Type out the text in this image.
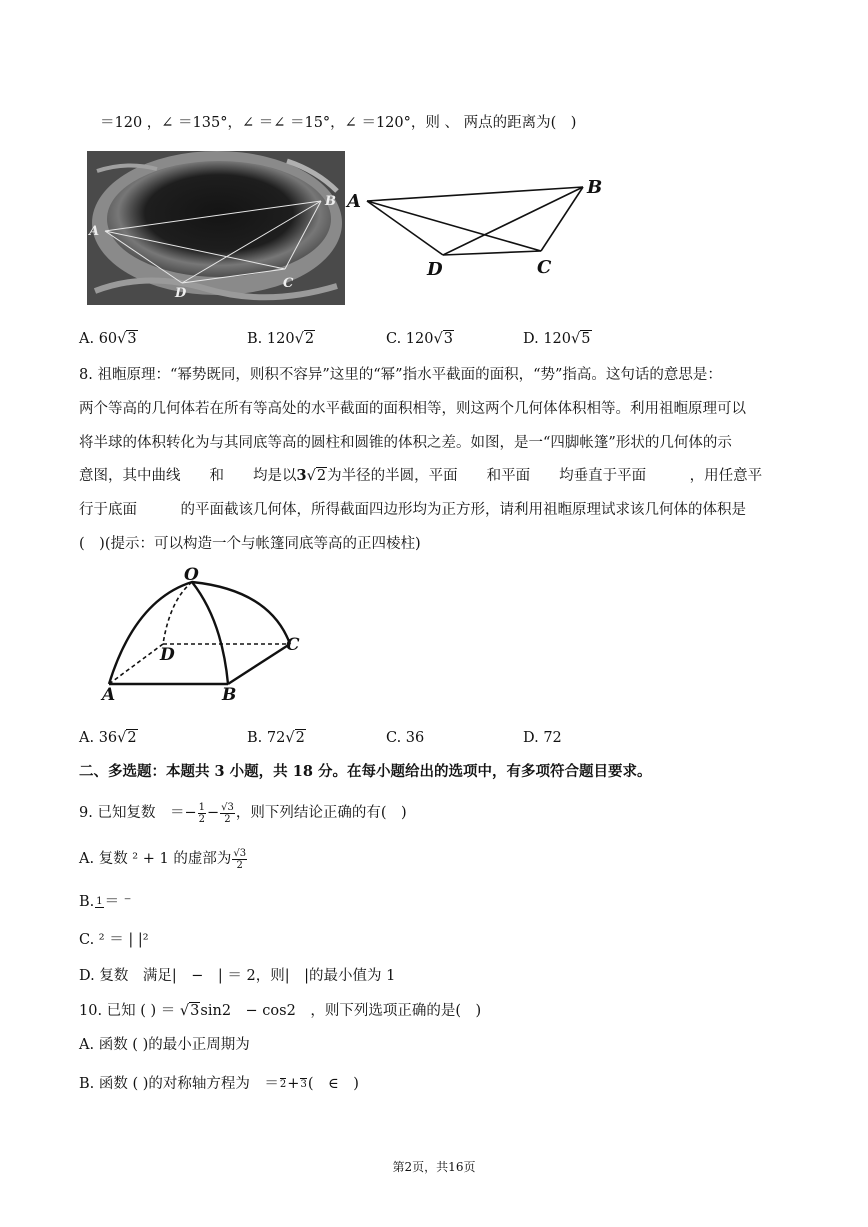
＝120 ，∠ ＝135°，∠ ＝∠ ＝15°，∠ ＝120°，则 、 两点的距离为(　)
A
B
D
C
A
B
D	C
A. 60√3	B. 120√2	C. 120√3	D. 120√5
8. 祖暅原理：“幂势既同，则积不容异”这里的“幂”指水平截面的面积，“势”指高。这句话的意思是：
两个等高的几何体若在所有等高处的水平截面的面积相等，则这两个几何体体积相等。利用祖暅原理可以
将半球的体积转化为与其同底等高的圆柱和圆锥的体积之差。如图，是一“四脚帐篷”形状的几何体的示
意图，其中曲线　　和　　均是以3√2为半径的半圆，平面　　和平面　　均垂直于平面　　　，用任意平
行于底面　　　的平面截该几何体，所得截面四边形均为正方形，请利用祖暅原理试求该几何体的体积是
(　)(提示：可以构造一个与帐篷同底等高的正四棱柱)
O
D	C
A	B
A. 36√2	B. 72√2	C. 36	D. 72
二、多选题：本题共 3 小题，共 18 分。在每小题给出的选项中，有多项符合题目要求。
9. 已知复数　＝− $\frac{1}{2} - \frac{√3}{2}$ ，则下列结论正确的有(　)
A. 复数 ² + 1 的虚部为 $\frac{√3}{2}$
B. 1 ＝ ⁻
C. ² ＝ | |²
D. 复数　满足|　−　| ＝ 2，则|　|的最小值为 1
10. 已知 ( ) ＝ √3sin2　− cos2　，则下列选项正确的是(　)
A. 函数 ( )的最小正周期为
B. 函数 ( )的对称轴方程为　＝ 2 + 3 (　∈　)
第2页，共16页
